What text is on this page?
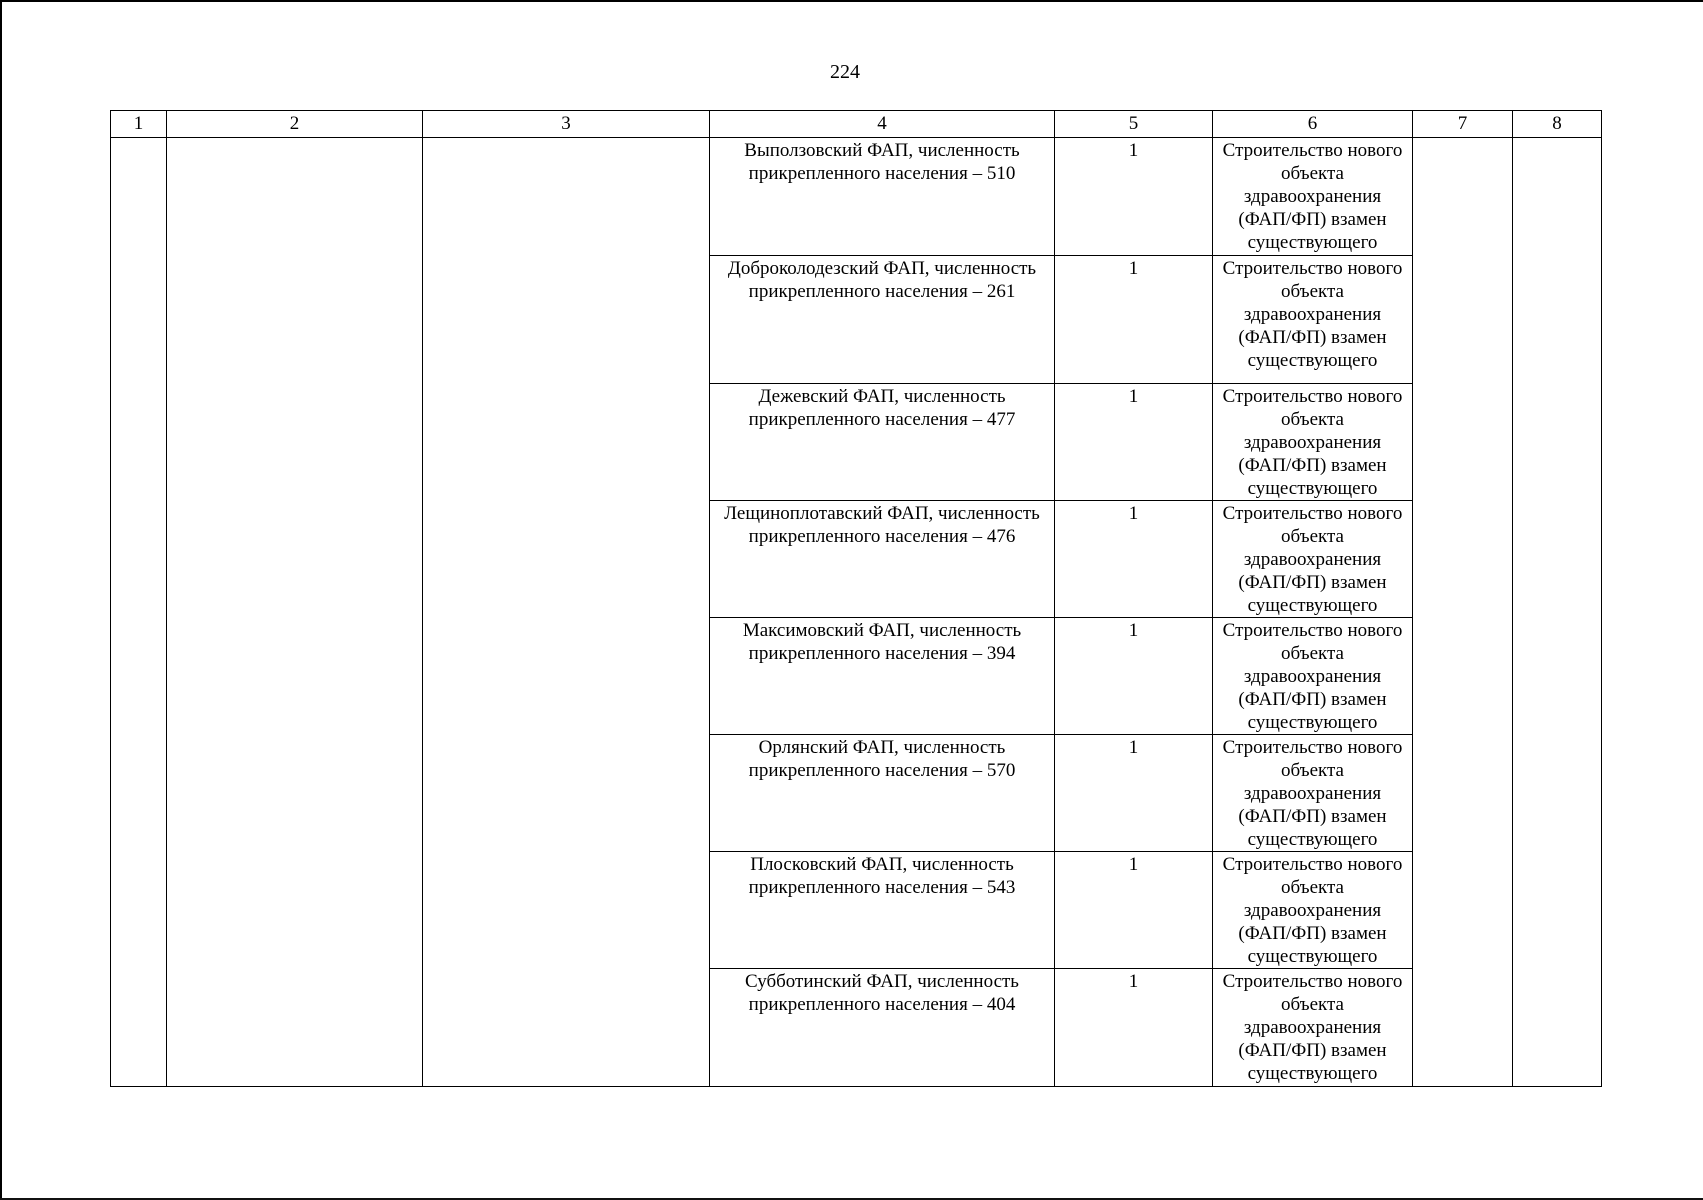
224
1	2	3	4	5	6	7	8

			Выползовский ФАП, численность прикрепленного населения – 510	1	Строительство нового объекта здравоохранения (ФАП/ФП) взамен существующего		

			Доброколодезский ФАП, численность прикрепленного населения – 261	1	Строительство нового объекта здравоохранения (ФАП/ФП) взамен существующего		

			Дежевский ФАП, численность прикрепленного населения – 477	1	Строительство нового объекта здравоохранения (ФАП/ФП) взамен существующего		

			Лещиноплотавский ФАП, численность прикрепленного населения – 476	1	Строительство нового объекта здравоохранения (ФАП/ФП) взамен существующего		

			Максимовский ФАП, численность прикрепленного населения – 394	1	Строительство нового объекта здравоохранения (ФАП/ФП) взамен существующего		

			Орлянский ФАП, численность прикрепленного населения – 570	1	Строительство нового объекта здравоохранения (ФАП/ФП) взамен существующего		

			Плосковский ФАП, численность прикрепленного населения – 543	1	Строительство нового объекта здравоохранения (ФАП/ФП) взамен существующего		

			Субботинский ФАП, численность прикрепленного населения – 404	1	Строительство нового объекта здравоохранения (ФАП/ФП) взамен существующего		
